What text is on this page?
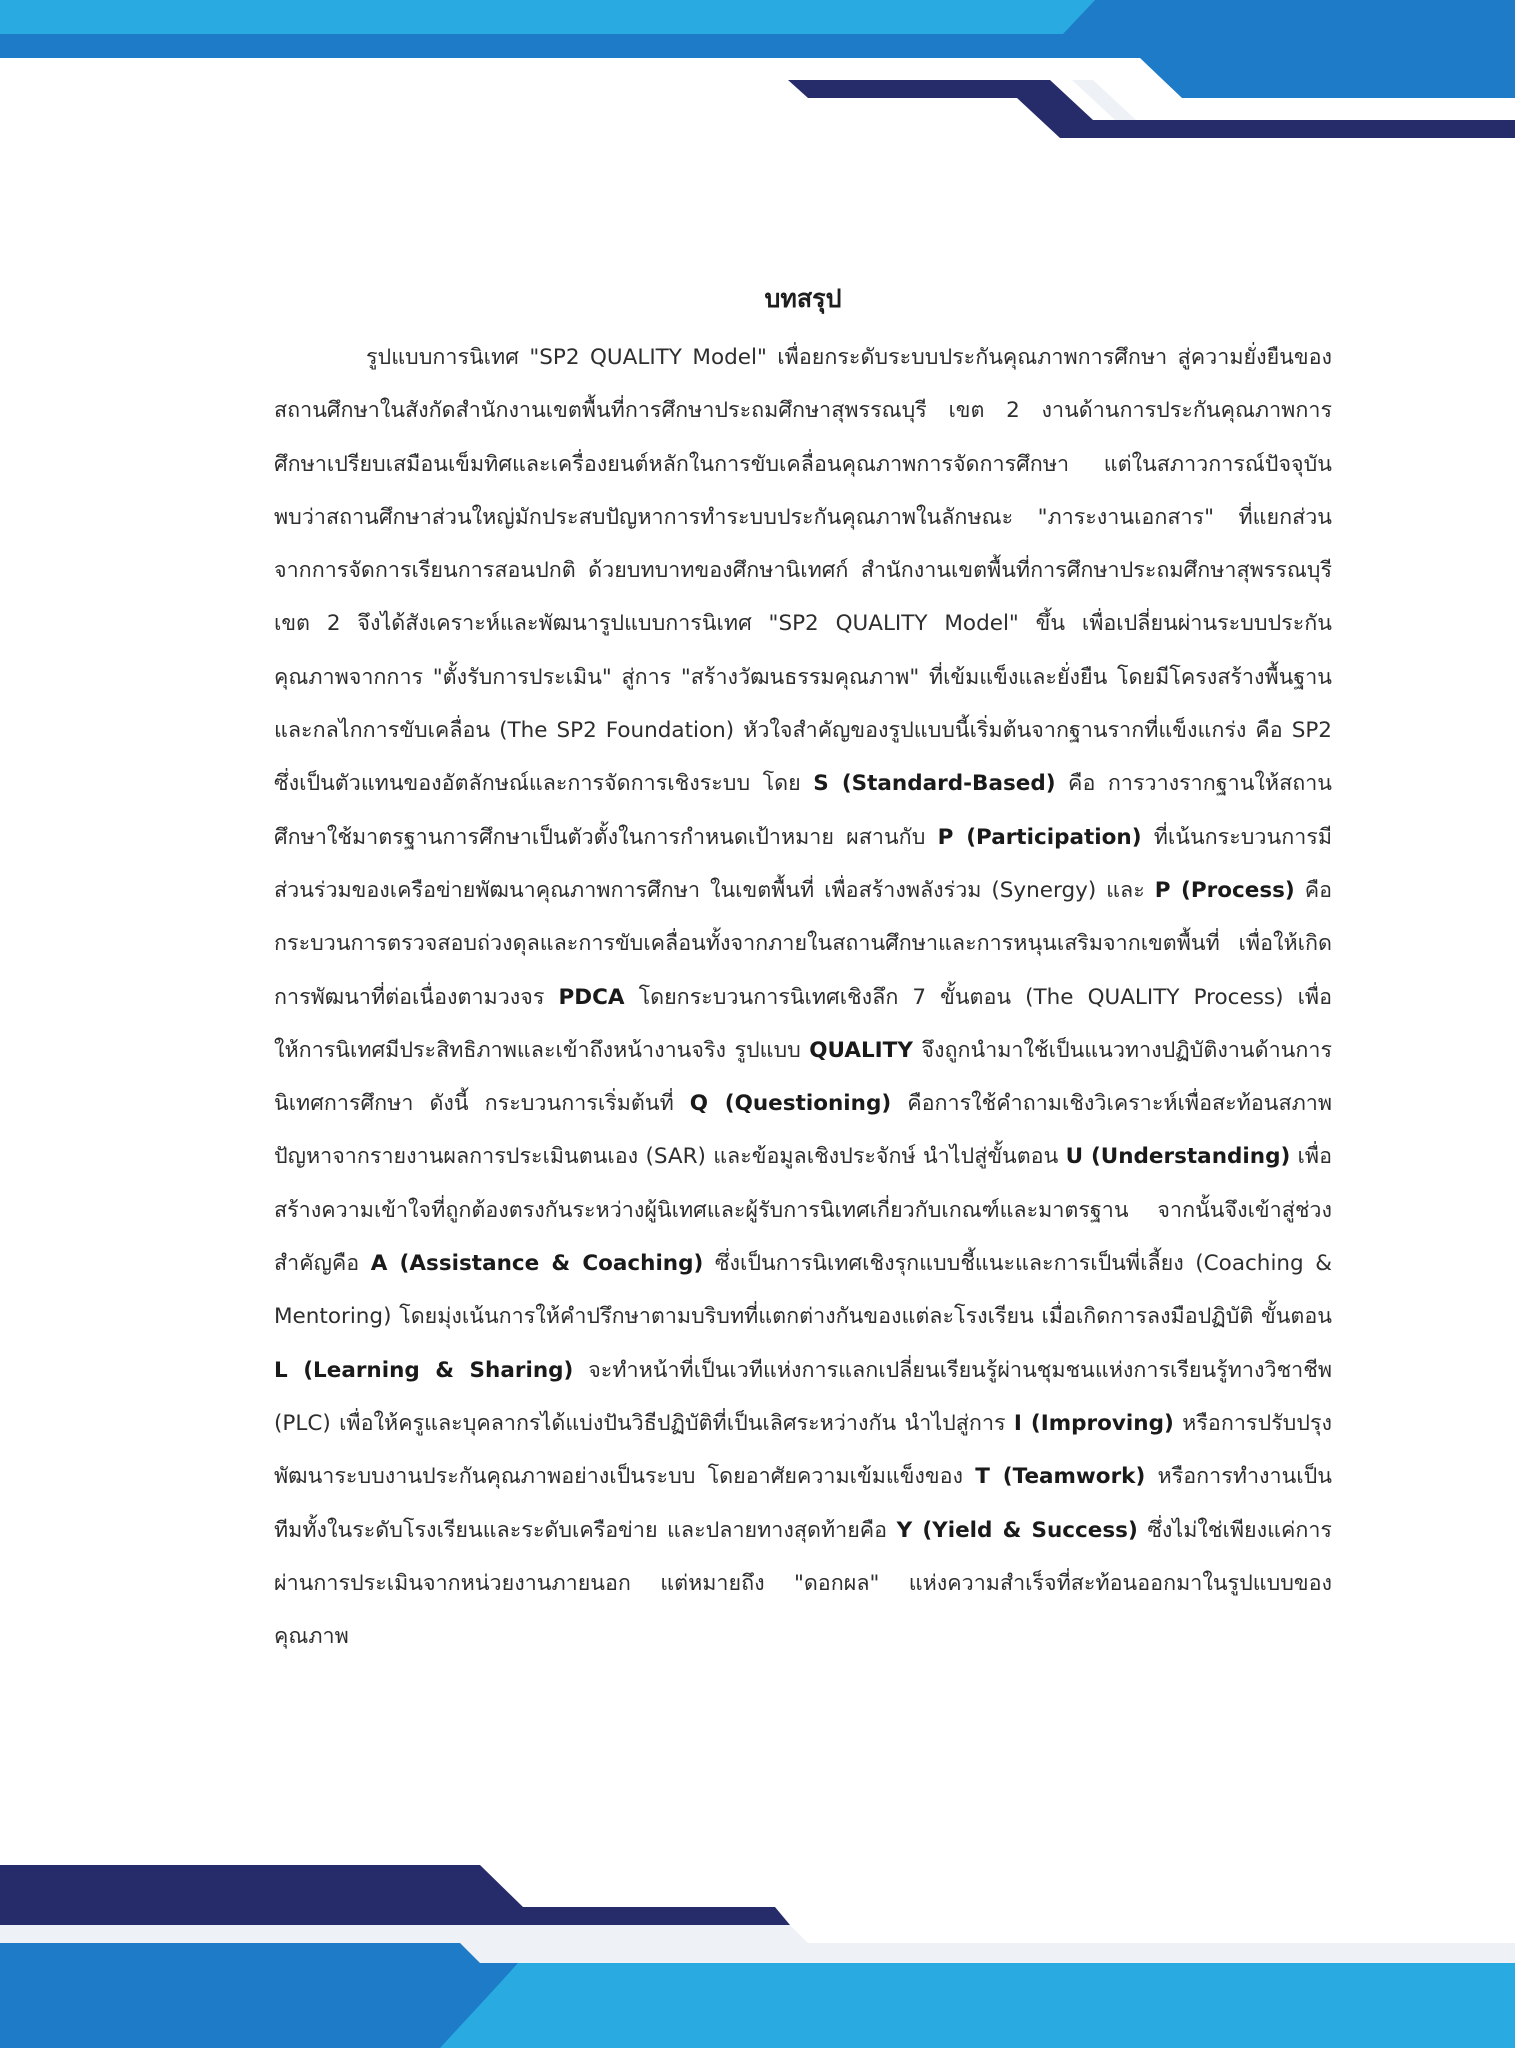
บทสรุป

รูปแบบการนิเทศ "SP2 QUALITY Model" เพื่อยกระดับระบบประกันคุณภาพการศึกษา สู่ความยั่งยืนของสถานศึกษาในสังกัดสำนักงานเขตพื้นที่การศึกษาประถมศึกษาสุพรรณบุรี เขต 2 งานด้านการประกันคุณภาพการศึกษาเปรียบเสมือนเข็มทิศและเครื่องยนต์หลักในการขับเคลื่อนคุณภาพการจัดการศึกษา แต่ในสภาวการณ์ปัจจุบัน พบว่าสถานศึกษาส่วนใหญ่มักประสบปัญหาการทำระบบประกันคุณภาพในลักษณะ "ภาระงานเอกสาร" ที่แยกส่วนจากการจัดการเรียนการสอนปกติ ด้วยบทบาทของศึกษานิเทศก์ สำนักงานเขตพื้นที่การศึกษาประถมศึกษาสุพรรณบุรี เขต 2 จึงได้สังเคราะห์และพัฒนารูปแบบการนิเทศ "SP2 QUALITY Model" ขึ้น เพื่อเปลี่ยนผ่านระบบประกันคุณภาพจากการ "ตั้งรับการประเมิน" สู่การ "สร้างวัฒนธรรมคุณภาพ" ที่เข้มแข็งและยั่งยืน โดยมีโครงสร้างพื้นฐานและกลไกการขับเคลื่อน (The SP2 Foundation) หัวใจสำคัญของรูปแบบนี้เริ่มต้นจากฐานรากที่แข็งแกร่ง คือ SP2 ซึ่งเป็นตัวแทนของอัตลักษณ์และการจัดการเชิงระบบ โดย S (Standard-Based) คือ การวางรากฐานให้สถานศึกษาใช้มาตรฐานการศึกษาเป็นตัวตั้งในการกำหนดเป้าหมาย ผสานกับ P (Participation) ที่เน้นกระบวนการมีส่วนร่วมของเครือข่ายพัฒนาคุณภาพการศึกษา ในเขตพื้นที่ เพื่อสร้างพลังร่วม (Synergy) และ P (Process) คือ กระบวนการตรวจสอบถ่วงดุลและการขับเคลื่อนทั้งจากภายในสถานศึกษาและการหนุนเสริมจากเขตพื้นที่ เพื่อให้เกิดการพัฒนาที่ต่อเนื่องตามวงจร PDCA โดยกระบวนการนิเทศเชิงลึก 7 ขั้นตอน (The QUALITY Process) เพื่อให้การนิเทศมีประสิทธิภาพและเข้าถึงหน้างานจริง รูปแบบ QUALITY จึงถูกนำมาใช้เป็นแนวทางปฏิบัติงานด้านการนิเทศการศึกษา ดังนี้ กระบวนการเริ่มต้นที่ Q (Questioning) คือการใช้คำถามเชิงวิเคราะห์เพื่อสะท้อนสภาพปัญหาจากรายงานผลการประเมินตนเอง (SAR) และข้อมูลเชิงประจักษ์ นำไปสู่ขั้นตอน U (Understanding) เพื่อสร้างความเข้าใจที่ถูกต้องตรงกันระหว่างผู้นิเทศและผู้รับการนิเทศเกี่ยวกับเกณฑ์และมาตรฐาน จากนั้นจึงเข้าสู่ช่วงสำคัญคือ A (Assistance & Coaching) ซึ่งเป็นการนิเทศเชิงรุกแบบชี้แนะและการเป็นพี่เลี้ยง (Coaching & Mentoring) โดยมุ่งเน้นการให้คำปรึกษาตามบริบทที่แตกต่างกันของแต่ละโรงเรียน เมื่อเกิดการลงมือปฏิบัติ ขั้นตอน L (Learning & Sharing) จะทำหน้าที่เป็นเวทีแห่งการแลกเปลี่ยนเรียนรู้ผ่านชุมชนแห่งการเรียนรู้ทางวิชาชีพ (PLC) เพื่อให้ครูและบุคลากรได้แบ่งปันวิธีปฏิบัติที่เป็นเลิศระหว่างกัน นำไปสู่การ I (Improving) หรือการปรับปรุงพัฒนาระบบงานประกันคุณภาพอย่างเป็นระบบ โดยอาศัยความเข้มแข็งของ T (Teamwork) หรือการทำงานเป็นทีมทั้งในระดับโรงเรียนและระดับเครือข่าย และปลายทางสุดท้ายคือ Y (Yield & Success) ซึ่งไม่ใช่เพียงแค่การผ่านการประเมินจากหน่วยงานภายนอก แต่หมายถึง "ดอกผล" แห่งความสำเร็จที่สะท้อนออกมาในรูปแบบของคุณภาพ
